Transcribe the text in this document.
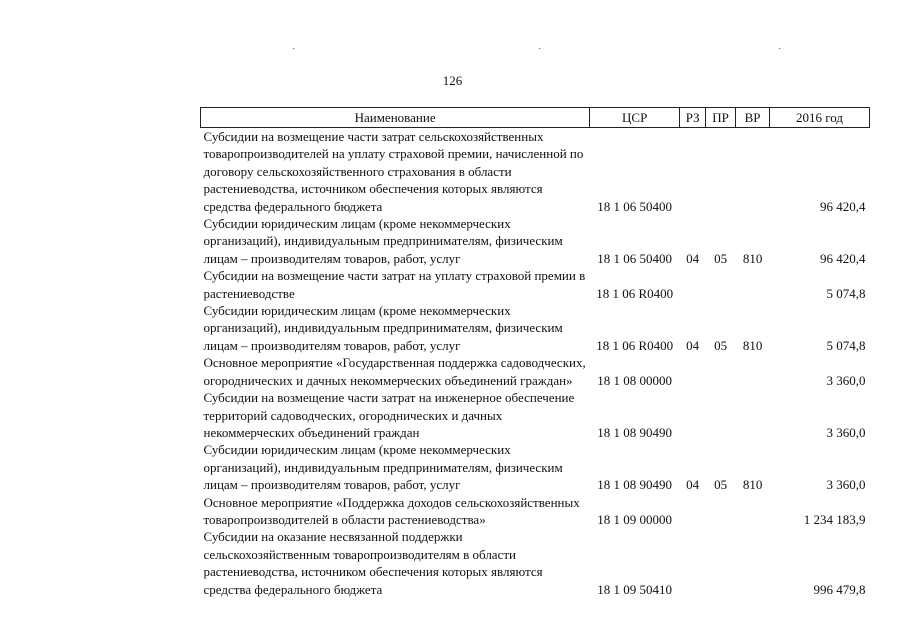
·	·	·
126
Наименование	ЦСР	РЗ	ПР	ВР	2016 год
Субсидии на возмещение части затрат сельскохозяйственных товаропроизводителей на уплату страховой премии, начисленной по договору сельскохозяйственного страхования в области растениеводства, источником обеспечения которых являются средства федерального бюджета	18 1 06 50400				96 420,4
Субсидии юридическим лицам (кроме некоммерческих организаций), индивидуальным предпринимателям, физическим лицам – производителям товаров, работ, услуг	18 1 06 50400	04	05	810	96 420,4
Субсидии на возмещение части затрат на уплату страховой премии в растениеводстве	18 1 06 R0400				5 074,8
Субсидии юридическим лицам (кроме некоммерческих организаций), индивидуальным предпринимателям, физическим лицам – производителям товаров, работ, услуг	18 1 06 R0400	04	05	810	5 074,8
Основное мероприятие «Государственная поддержка садоводческих, огороднических и дачных некоммерческих объединений граждан»	18 1 08 00000				3 360,0
Субсидии на возмещение части затрат на инженерное обеспечение территорий садоводческих, огороднических и дачных некоммерческих объединений граждан	18 1 08 90490				3 360,0
Субсидии юридическим лицам (кроме некоммерческих организаций), индивидуальным предпринимателям, физическим лицам – производителям товаров, работ, услуг	18 1 08 90490	04	05	810	3 360,0
Основное мероприятие «Поддержка доходов сельскохозяйственных товаропроизводителей в области растениеводства»	18 1 09 00000				1 234 183,9
Субсидии на оказание несвязанной поддержки сельскохозяйственным товаропроизводителям в области растениеводства, источником обеспечения которых являются средства федерального бюджета	18 1 09 50410				996 479,8
